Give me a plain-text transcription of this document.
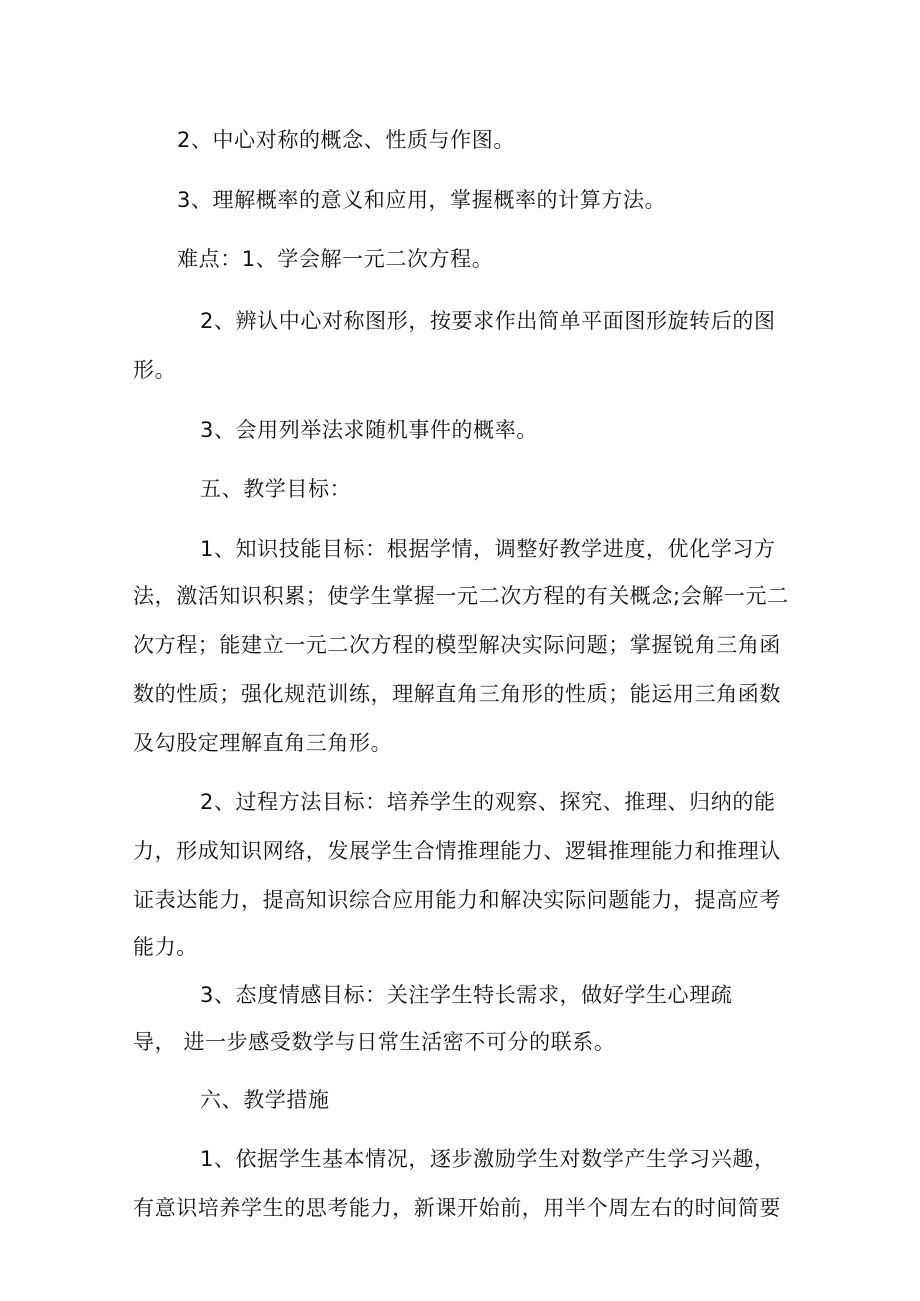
2、中心对称的概念、性质与作图。
3、理解概率的意义和应用，掌握概率的计算方法。
难点：1、学会解一元二次方程。
2、辨认中心对称图形，按要求作出简单平面图形旋转后的图
形。
3、会用列举法求随机事件的概率。
五、教学目标：
1、知识技能目标：根据学情，调整好教学进度，优化学习方
法，激活知识积累；使学生掌握一元二次方程的有关概念;会解一元二
次方程；能建立一元二次方程的模型解决实际问题；掌握锐角三角函
数的性质；强化规范训练，理解直角三角形的性质；能运用三角函数
及勾股定理解直角三角形。
2、过程方法目标：培养学生的观察、探究、推理、归纳的能
力，形成知识网络，发展学生合情推理能力、逻辑推理能力和推理认
证表达能力，提高知识综合应用能力和解决实际问题能力，提高应考
能力。
3、态度情感目标：关注学生特长需求，做好学生心理疏
导， 进一步感受数学与日常生活密不可分的联系。
六、教学措施
1、依据学生基本情况，逐步激励学生对数学产生学习兴趣，
有意识培养学生的思考能力，新课开始前，用半个周左右的时间简要
